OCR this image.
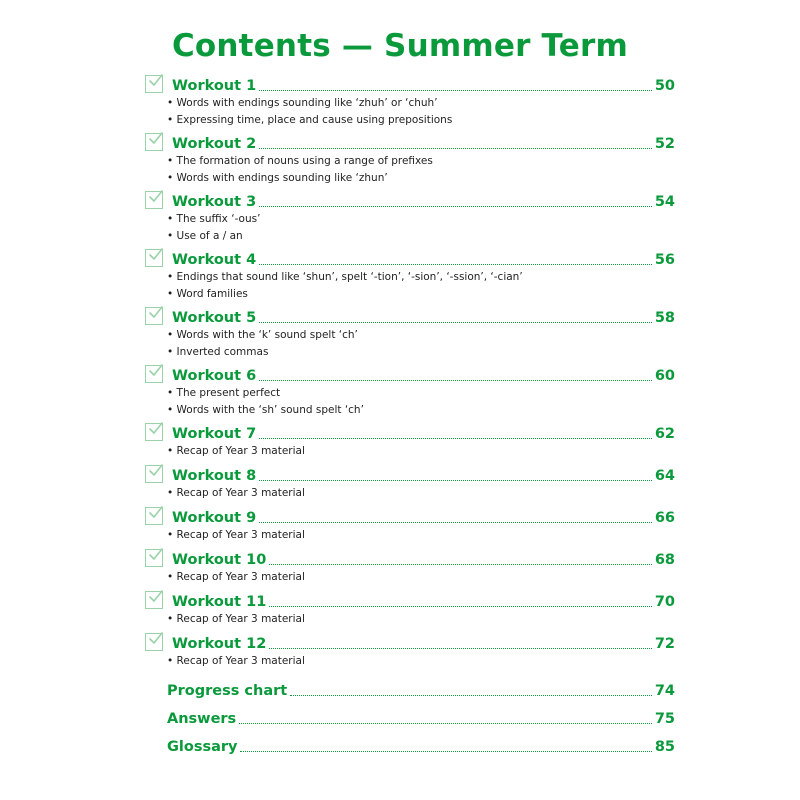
Contents — Summer Term
Workout 1	50
• Words with endings sounding like ‘zhuh’ or ‘chuh’
• Expressing time, place and cause using prepositions
Workout 2	52
• The formation of nouns using a range of prefixes
• Words with endings sounding like ‘zhun’
Workout 3	54
• The suffix ‘-ous’
• Use of a / an
Workout 4	56
• Endings that sound like ‘shun’, spelt ‘-tion’, ‘-sion’, ‘-ssion’, ‘-cian’
• Word families
Workout 5	58
• Words with the ‘k’ sound spelt ‘ch’
• Inverted commas
Workout 6	60
• The present perfect
• Words with the ‘sh’ sound spelt ‘ch’
Workout 7	62
• Recap of Year 3 material
Workout 8	64
• Recap of Year 3 material
Workout 9	66
• Recap of Year 3 material
Workout 10	68
• Recap of Year 3 material
Workout 11	70
• Recap of Year 3 material
Workout 12	72
• Recap of Year 3 material
Progress chart	74
Answers	75
Glossary	85
